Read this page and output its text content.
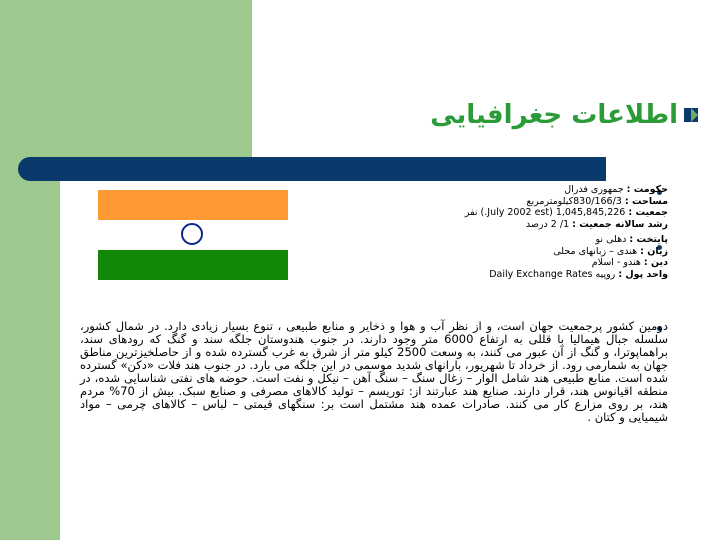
اطلاعات جغرافیایی
حکومت : جمهوری فدرال
مساحت : 830/166/3کیلومترمربع
جمعیت : 1,045,845,226 (July 2002 est.) نفر
رشد سالانه جمعیت : 1/ 2 درصد
پایتخت : دهلی نو
زبان : هندی – زبانهای محلی
دین : هندو - اسلام
واحد پول : روپیه Daily Exchange Rates
دومین کشور پرجمعیت جهان است، و از نظر آب و هوا و ذخایر و منابع طبیعی ، تنوع بسیار زیادی دارد. در شمال کشور، سلسله جبال هیمالیا با قللی به ارتفاع 6000 متر وجود دارند. در جنوب هندوستان جلگه سند و گنگ که رودهای سند، براهماپوترا، و گنگ از آن عبور می کنند، به وسعت 2500 کیلو متر از شرق به غرب گسترده شده و از حاصلخیزترین مناطق جهان به شمارمی رود. از خرداد تا شهریور، بارانهای شدید موسمی در این جلگه می بارد. در جنوب هند فلات «دکن» گسترده شده است. منابع طبیعی هند شامل الوار – زغال سنگ – سنگ آهن – نیکل و نفت است. حوضه های نفتی شناسایی شده، در منطقه اقیانوس هند، قرار دارند. صنایع هند عبارتند از: توریسم – تولید کالاهای مصرفی و صنایع سبک. بیش از 70% مردم هند، بر روی مزارع کار می کنند. صادرات عمده هند مشتمل است بر: سنگهای قیمتی – لباس – کالاهای چرمی – مواد شیمیایی و کتان .
